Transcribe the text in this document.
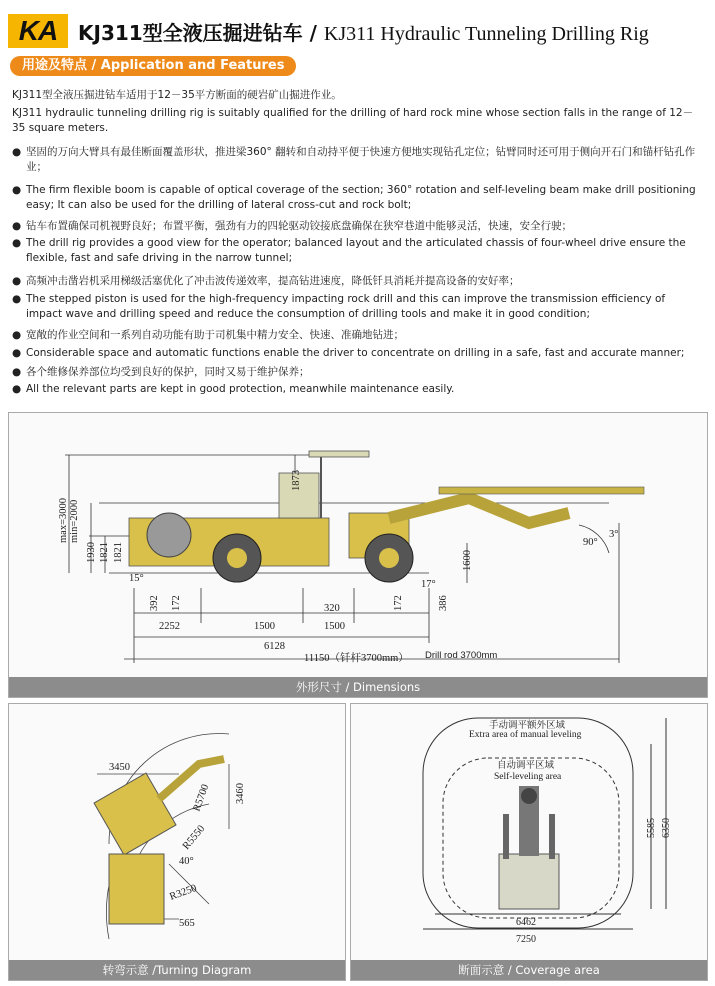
KA	KJ311型全液压掘进钻车 / KJ311 Hydraulic Tunneling Drilling Rig
用途及特点 / Application and Features
KJ311型全液压掘进钻车适用于12－35平方断面的硬岩矿山掘进作业。
KJ311 hydraulic tunneling drilling rig is suitably qualified for the drilling of hard rock mine whose section falls in the range of 12－35 square meters.
● 坚固的万向大臂具有最佳断面覆盖形状，推进梁360° 翻转和自动持平便于快速方便地实现钻孔定位；钻臂同时还可用于侧向开石门和锚杆钻孔作业；
● The firm flexible boom is capable of optical coverage of the section; 360° rotation and self-leveling beam make drill positioning easy; It can also be used for the drilling of lateral cross-cut and rock bolt;
● 钻车布置确保司机视野良好；布置平衡，强劲有力的四轮驱动铰接底盘确保在狭窄巷道中能够灵活，快速，安全行驶；
● The drill rig provides a good view for the operator; balanced layout and the articulated chassis of four-wheel drive ensure the flexible, fast and safe driving in the narrow tunnel;
● 高频冲击凿岩机采用梯级活塞优化了冲击波传递效率，提高钻进速度，降低钎具消耗并提高设备的安好率；
● The stepped piston is used for the high-frequency impacting rock drill and this can improve the transmission efficiency of impact wave and drilling speed and reduce the consumption of drilling tools and make it in good condition;
● 宽敞的作业空间和一系列自动功能有助于司机集中精力安全、快速、准确地钻进；
● Considerable space and automatic functions enable the driver to concentrate on drilling in a safe, fast and accurate manner;
● 各个维修保养部位均受到良好的保护，同时又易于维护保养；
● All the relevant parts are kept in good protection, meanwhile maintenance easily.
1873
max=3000 min=2000
1930 1821 1821	1600
15°
17°
90°
3°
392 172	320	172	386
2252	1500	1500
6128
11150（钎杆3700mm） Drill rod 3700mm
外形尺寸 / Dimensions
3450
3460
R5700
R5550
40°
R3250
565
转弯示意 /Turning Diagram
手动调平额外区域
Extra area of manual leveling
自动调平区域
Self-leveling area
5585 6350
6462
7250
断面示意 / Coverage area
